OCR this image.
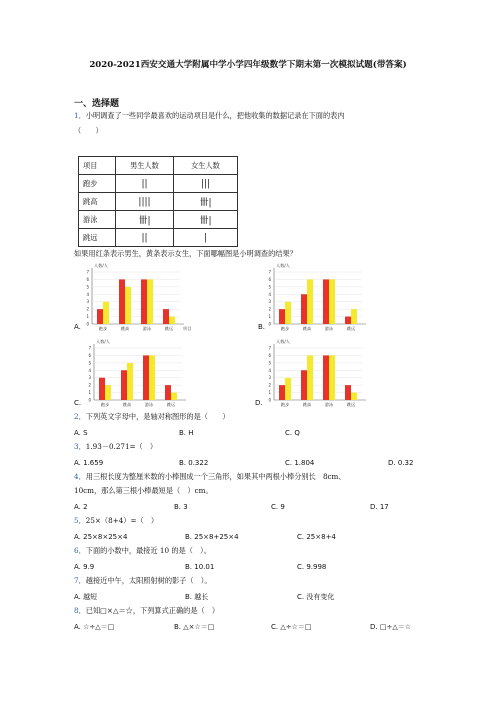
2020-2021西安交通大学附属中学小学四年级数学下期末第一次模拟试题(带答案)
一、选择题
1．小明调查了一些同学最喜欢的运动项目是什么，把他收集的数据记录在下面的表内
（　　）
项目	男生人数	女生人数
跑步	||	|||
跳高	||||	卌|
游泳	卌|	卌|
跳远	||	|
如果用红条表示男生，黄条表示女生，下面哪幅图是小明调查的结果？
A.	B.
C.	D.
人数/人
1
2
3
4
5
6
7
0
跑步	跳高	游泳	跳远 项目
人数/人
1
2
3
4
5
6
7
0
跑步	跳高	游泳	跳远
人数/人
1
2
3
4
5
6
7
0
跑步	跳高	游泳	跳远
人数/人
1
2
3
4
5
6
7
0
跑步	跳高	游泳	跳远
2．下列英文字母中，是轴对称图形的是（　　）
A. S	B. H	C. Q
3．1.93－0.271=（　）
A. 1.659	B. 0.322	C. 1.804	D. 0.32
4．用三根长度为整厘米数的小棒围成一个三角形，如果其中两根小棒分别长　8cm、
10cm，那么第三根小棒最短是（　）cm。
A. 2	B. 3	C. 9	D. 17
5．25×（8+4）=（　）
A. 25×8×25×4	B. 25×8+25×4	C. 25×8+4
6．下面的小数中，最接近 10 的是（　）。
A. 9.9	B. 10.01	C. 9.998
7．越接近中午，太阳照射树的影子（　）。
A. 越短	B. 越长	C. 没有变化
8．已知□×△＝☆，下列算式正确的是（　）
A. ☆÷△＝□	B. △×☆＝□	C. △÷☆＝□	D. □÷△＝☆
